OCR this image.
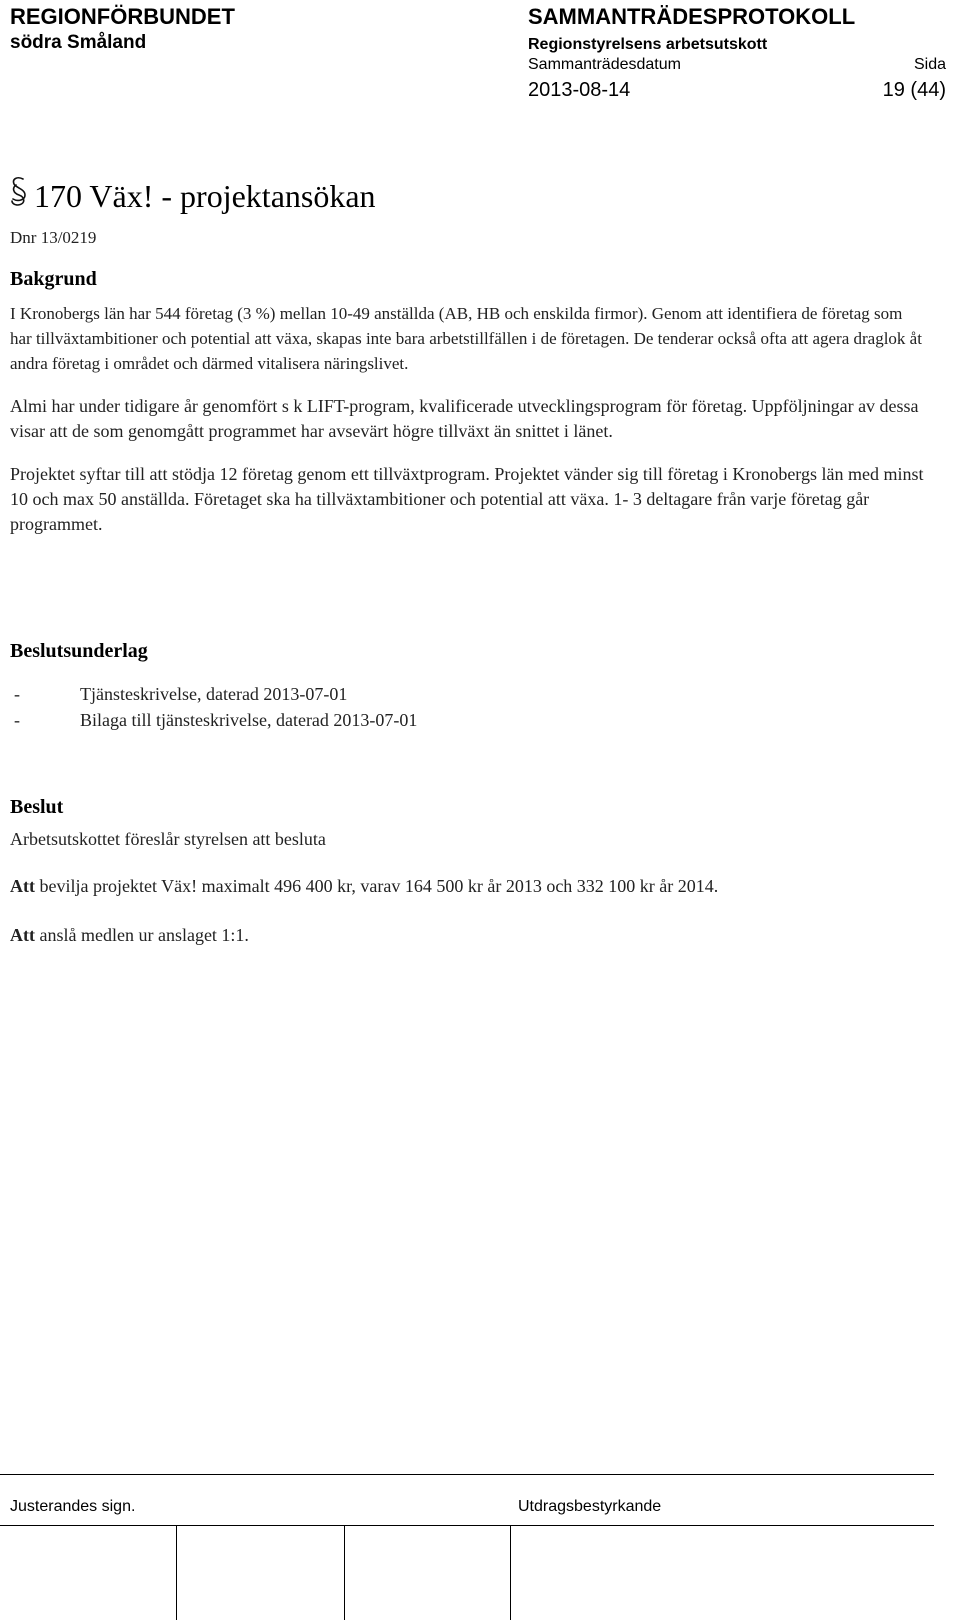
REGIONFÖRBUNDET
södra Småland
SAMMANTRÄDESPROTOKOLL
Regionstyrelsens arbetsutskott
Sammanträdesdatum	Sida
2013-08-14	19 (44)
170 Väx! - projektansökan
Dnr 13/0219
Bakgrund

I Kronobergs län har 544 företag (3 %) mellan 10-49 anställda (AB, HB och enskilda firmor). Genom att identifiera de företag som har tillväxtambitioner och potential att växa, skapas inte bara arbetstillfällen i de företagen. De tenderar också ofta att agera draglok åt andra företag i området och därmed vitalisera näringslivet.

Almi har under tidigare år genomfört s k LIFT-program, kvalificerade utvecklingsprogram för företag. Uppföljningar av dessa visar att de som genomgått programmet har avsevärt högre tillväxt än snittet i länet.

Projektet syftar till att stödja 12 företag genom ett tillväxtprogram. Projektet vänder sig till företag i Kronobergs län med minst 10 och max 50 anställda. Företaget ska ha tillväxtambitioner och potential att växa. 1- 3 deltagare från varje företag går programmet.

Beslutsunderlag
-	Tjänsteskrivelse, daterad 2013-07-01
-	Bilaga till tjänsteskrivelse, daterad 2013-07-01
Beslut

Arbetsutskottet föreslår styrelsen att besluta

Att bevilja projektet Väx! maximalt 496 400 kr, varav 164 500 kr år 2013 och 332 100 kr år 2014.

Att anslå medlen ur anslaget 1:1.

Justerandes sign.	Utdragsbestyrkande
